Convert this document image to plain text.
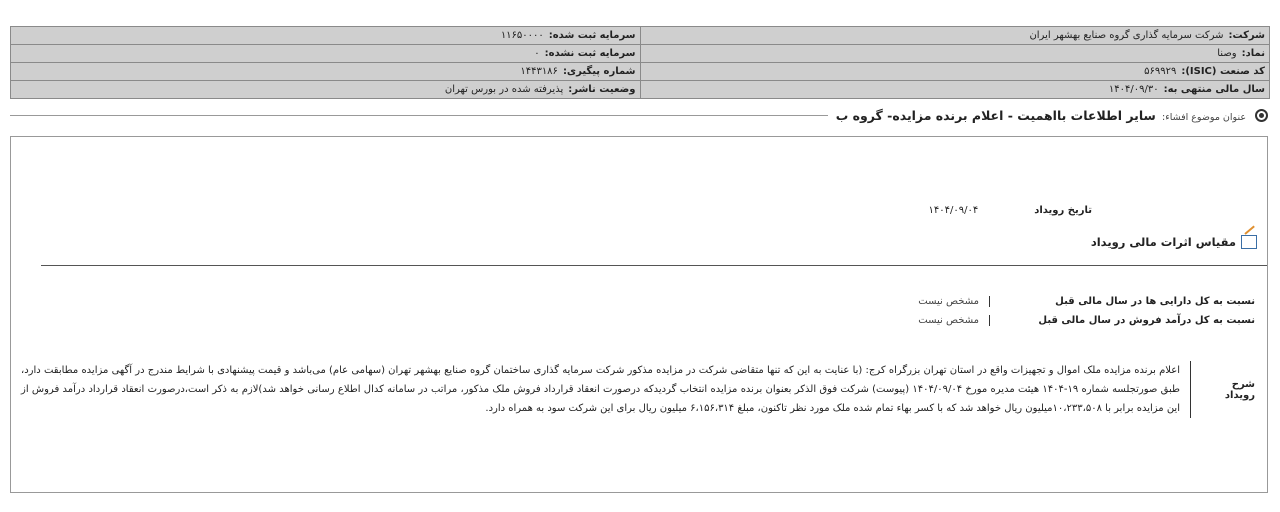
شرکت:شرکت سرمایه گذاری گروه صنایع بهشهر ایران	سرمایه ثبت شده:۱۱۶۵۰۰۰۰
نماد:وصنا	سرمایه ثبت نشده:۰
کد صنعت (ISIC):۵۶۹۹۲۹	شماره پیگیری:۱۴۴۳۱۸۶
سال مالی منتهی به:۱۴۰۴/۰۹/۳۰	وضعیت ناشر:پذیرفته شده در بورس تهران
عنوان موضوع افشاء: سایر اطلاعات بااهمیت - اعلام برنده مزایده- گروه ب
تاریخ رویداد
۱۴۰۴/۰۹/۰۴
مقیاس اثرات مالی رویداد
نسبت به کل دارایی ها در سال مالی قبل
مشخص نیست
نسبت به کل درآمد فروش در سال مالی قبل
مشخص نیست
شرح رویداد
اعلام برنده مزایده ملک اموال و تجهیزات واقع در استان تهران بزرگراه کرج: (با عنایت به این که تنها متقاضی شرکت در مزایده مذکور شرکت سرمایه گذاری ساختمان گروه صنایع بهشهر تهران (سهامی عام) می‌باشد و قیمت پیشنهادی با شرایط مندرج در آگهی مزایده مطابقت دارد، طبق صورتجلسه شماره ۱۹-۱۴۰۴ هیئت مدیره مورخ ۱۴۰۴/۰۹/۰۴ (پیوست) شرکت فوق الذکر بعنوان برنده مزایده انتخاب گردیدکه درصورت انعقاد قرارداد فروش ملک مذکور، مراتب در سامانه کدال اطلاع رسانی خواهد شد)لازم به ذکر است،درصورت انعقاد قرارداد درآمد فروش از این مزایده برابر با ۱۰،۲۳۳،۵۰۸میلیون ریال خواهد شد که با کسر بهاء تمام شده ملک مورد نظر تاکنون، مبلغ ۶،۱۵۶،۳۱۴ میلیون ریال برای این شرکت سود به همراه دارد.
